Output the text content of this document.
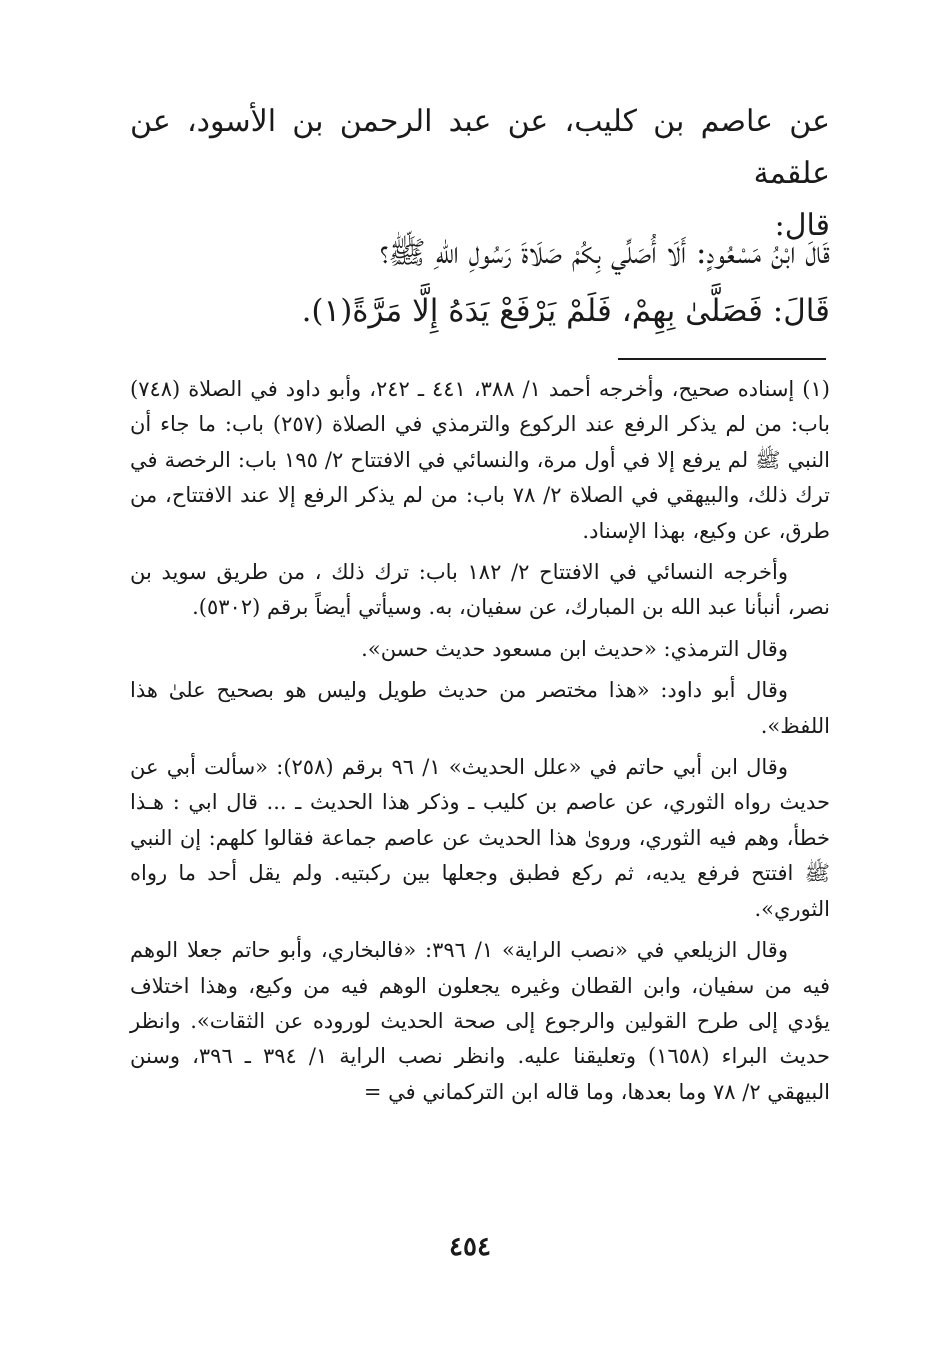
عن عاصم بن كليب، عن عبد الرحمن بن الأسود، عن علقمة

قال:

قَالَ ابْنُ مَسْعُودٍ: أَلَا أُصَلِّي بِكُمْ صَلَاةَ رَسُولِ اللهِ ﷺ؟

قَالَ: فَصَلَّىٰ بِهِمْ، فَلَمْ يَرْفَعْ يَدَهُ إِلَّا مَرَّةً(١).

(١) إسناده صحيح، وأخرجه أحمد ١/ ٣٨٨، ٤٤١ ـ ٢٤٢، وأبو داود في الصلاة (٧٤٨) باب: من لم يذكر الرفع عند الركوع والترمذي في الصلاة (٢٥٧) باب: ما جاء أن النبي ﷺ لم يرفع إلا في أول مرة، والنسائي في الافتتاح ٢/ ١٩٥ باب: الرخصة في ترك ذلك، والبيهقي في الصلاة ٢/ ٧٨ باب: من لم يذكر الرفع إلا عند الافتتاح، من طرق، عن وكيع، بهذا الإسناد.

وأخرجه النسائي في الافتتاح ٢/ ١٨٢ باب: ترك ذلك ، من طريق سويد بن نصر، أنبأنا عبد الله بن المبارك، عن سفيان، به. وسيأتي أيضاً برقم (٥٣٠٢).

وقال الترمذي: «حديث ابن مسعود حديث حسن».

وقال أبو داود: «هذا مختصر من حديث طويل وليس هو بصحيح علىٰ هذا اللفظ».

وقال ابن أبي حاتم في «علل الحديث» ١/ ٩٦ برقم (٢٥٨): «سألت أبي عن حديث رواه الثوري، عن عاصم بن كليب ـ وذكر هذا الحديث ـ ... قال ابي : هـذا خطأ، وهم فيه الثوري، وروىٰ هذا الحديث عن عاصم جماعة فقالوا كلهم: إن النبي ﷺ افتتح فرفع يديه، ثم ركع فطبق وجعلها بين ركبتيه. ولم يقل أحد ما رواه الثوري».

وقال الزيلعي في «نصب الراية» ١/ ٣٩٦: «فالبخاري، وأبو حاتم جعلا الوهم فيه من سفيان، وابن القطان وغيره يجعلون الوهم فيه من وكيع، وهذا اختلاف يؤدي إلى طرح القولين والرجوع إلى صحة الحديث لوروده عن الثقات». وانظر حديث البراء (١٦٥٨) وتعليقنا عليه. وانظر نصب الراية ١/ ٣٩٤ ـ ٣٩٦، وسنن البيهقي ٢/ ٧٨ وما بعدها، وما قاله ابن التركماني في =

٤٥٤
